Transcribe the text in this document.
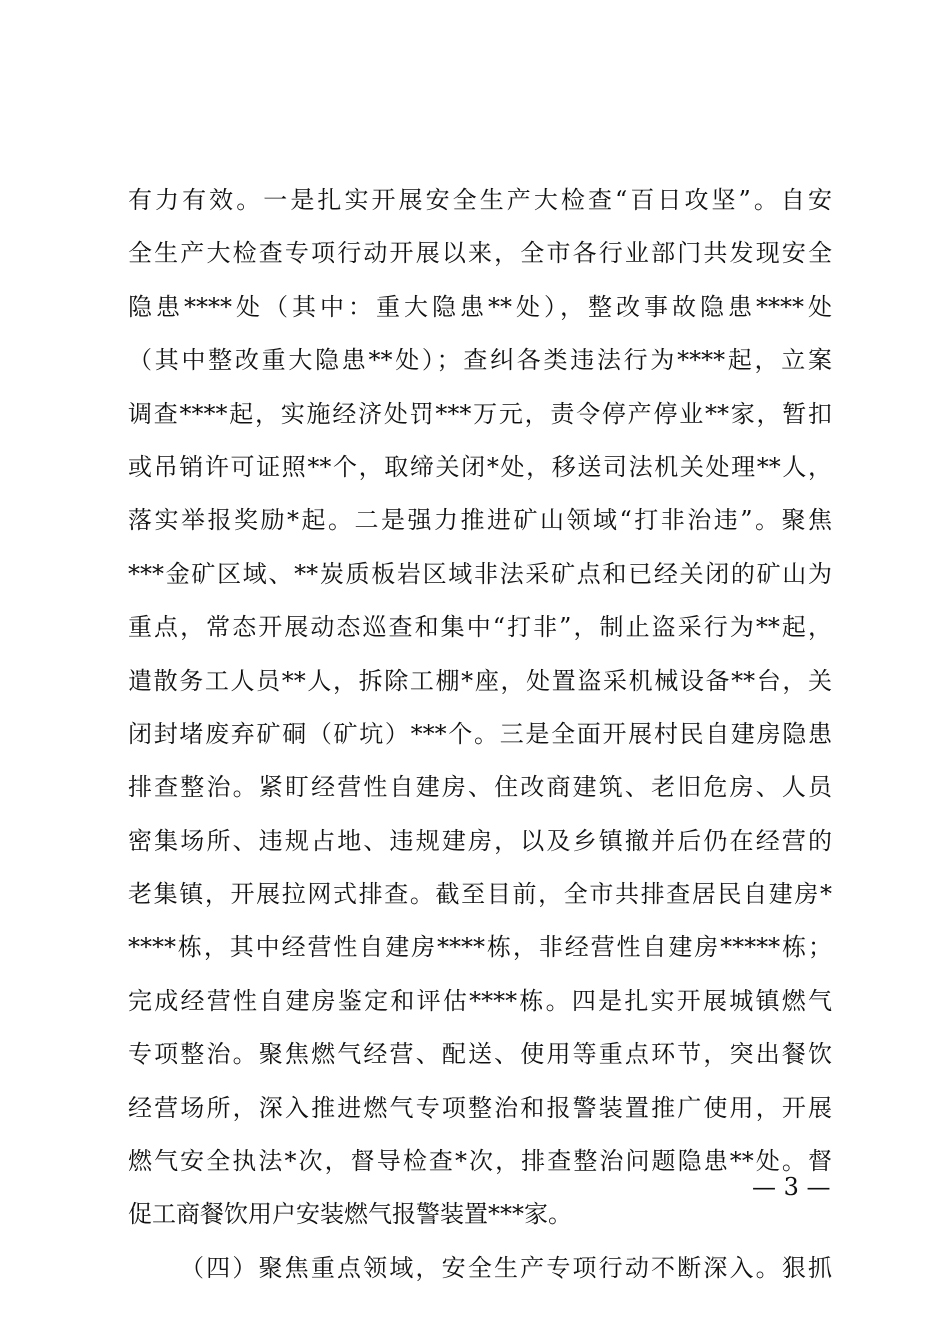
有力有效。一是扎实开展安全生产大检查“百日攻坚”。自安
全生产大检查专项行动开展以来，全市各行业部门共发现安全
隐患****处（其中：重大隐患**处），整改事故隐患****处
（其中整改重大隐患**处）；查纠各类违法行为****起，立案
调查****起，实施经济处罚***万元，责令停产停业**家，暂扣
或吊销许可证照**个，取缔关闭*处，移送司法机关处理**人，
落实举报奖励*起。二是强力推进矿山领域“打非治违”。聚焦
***金矿区域、**炭质板岩区域非法采矿点和已经关闭的矿山为
重点，常态开展动态巡查和集中“打非”，制止盗采行为**起，
遣散务工人员**人，拆除工棚*座，处置盗采机械设备**台，关
闭封堵废弃矿硐（矿坑）***个。三是全面开展村民自建房隐患
排查整治。紧盯经营性自建房、住改商建筑、老旧危房、人员
密集场所、违规占地、违规建房，以及乡镇撤并后仍在经营的
老集镇，开展拉网式排查。截至目前，全市共排查居民自建房*
****栋，其中经营性自建房****栋，非经营性自建房*****栋；
完成经营性自建房鉴定和评估****栋。四是扎实开展城镇燃气
专项整治。聚焦燃气经营、配送、使用等重点环节，突出餐饮
经营场所，深入推进燃气专项整治和报警装置推广使用，开展
燃气安全执法*次，督导检查*次，排查整治问题隐患**处。督
促工商餐饮用户安装燃气报警装置***家。
（四）聚焦重点领域，安全生产专项行动不断深入。狠抓
— 3 —
